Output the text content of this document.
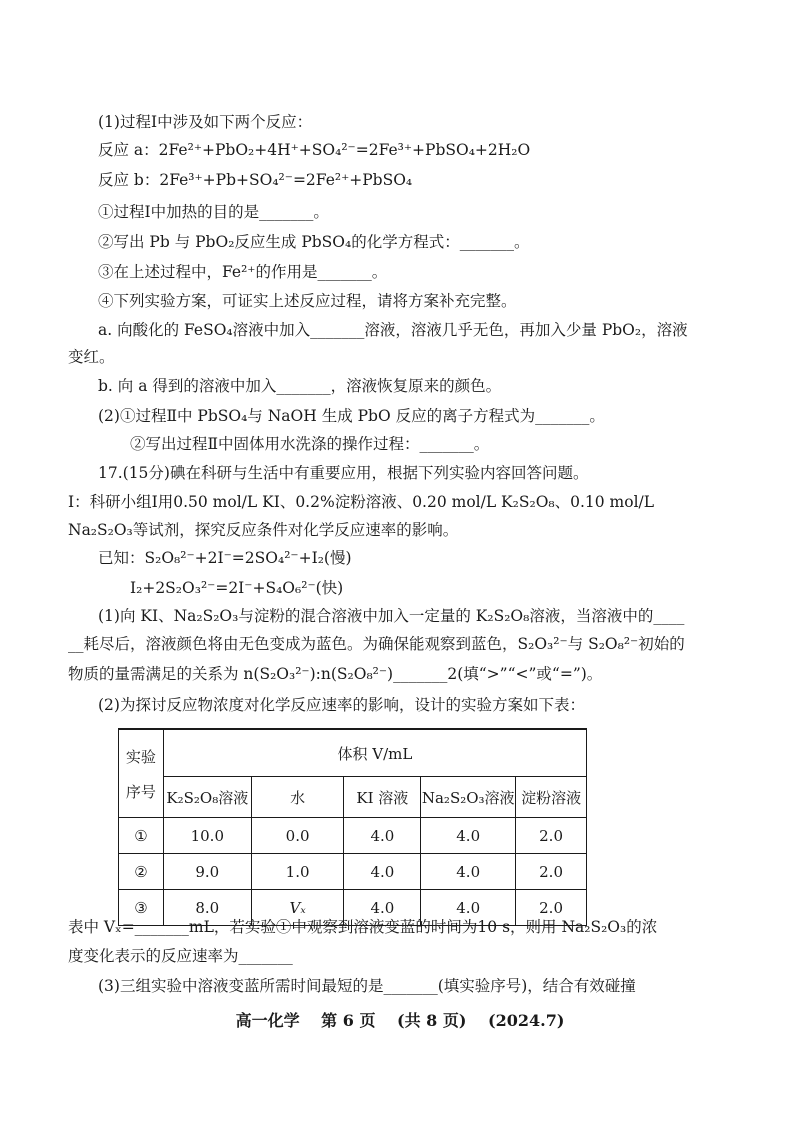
(1)过程Ⅰ中涉及如下两个反应：
反应 a：2Fe²⁺+PbO₂+4H⁺+SO₄²⁻=2Fe³⁺+PbSO₄+2H₂O
反应 b：2Fe³⁺+Pb+SO₄²⁻=2Fe²⁺+PbSO₄
①过程Ⅰ中加热的目的是_______。
②写出 Pb 与 PbO₂反应生成 PbSO₄的化学方程式：_______。
③在上述过程中，Fe²⁺的作用是_______。
④下列实验方案，可证实上述反应过程，请将方案补充完整。
a. 向酸化的 FeSO₄溶液中加入_______溶液，溶液几乎无色，再加入少量 PbO₂，溶液
变红。
b. 向 a 得到的溶液中加入_______，溶液恢复原来的颜色。
(2)①过程Ⅱ中 PbSO₄与 NaOH 生成 PbO 反应的离子方程式为_______。
②写出过程Ⅱ中固体用水洗涤的操作过程：_______。
17.(15分)碘在科研与生活中有重要应用，根据下列实验内容回答问题。
Ⅰ：科研小组Ⅰ用0.50 mol/L KI、0.2%淀粉溶液、0.20 mol/L K₂S₂O₈、0.10 mol/L
Na₂S₂O₃等试剂，探究反应条件对化学反应速率的影响。
已知：S₂O₈²⁻+2I⁻=2SO₄²⁻+I₂(慢)
I₂+2S₂O₃²⁻=2I⁻+S₄O₆²⁻(快)
(1)向 KI、Na₂S₂O₃与淀粉的混合溶液中加入一定量的 K₂S₂O₈溶液，当溶液中的____
__耗尽后，溶液颜色将由无色变成为蓝色。为确保能观察到蓝色，S₂O₃²⁻与 S₂O₈²⁻初始的
物质的量需满足的关系为 n(S₂O₃²⁻):n(S₂O₈²⁻)_______2(填“>”“<”或“=”)。
(2)为探讨反应物浓度对化学反应速率的影响，设计的实验方案如下表：
实验
序号	体积 V/mL				
	K₂S₂O₈溶液	水	KI 溶液	Na₂S₂O₃溶液	淀粉溶液
①	10.0	0.0	4.0	4.0	2.0
②	9.0	1.0	4.0	4.0	2.0
③	8.0	Vₓ	4.0	4.0	2.0
表中 Vₓ=_______mL，若实验①中观察到溶液变蓝的时间为10 s，则用 Na₂S₂O₃的浓
度变化表示的反应速率为_______
(3)三组实验中溶液变蓝所需时间最短的是_______(填实验序号)，结合有效碰撞
高一化学 第 6 页 (共 8 页) (2024.7)
